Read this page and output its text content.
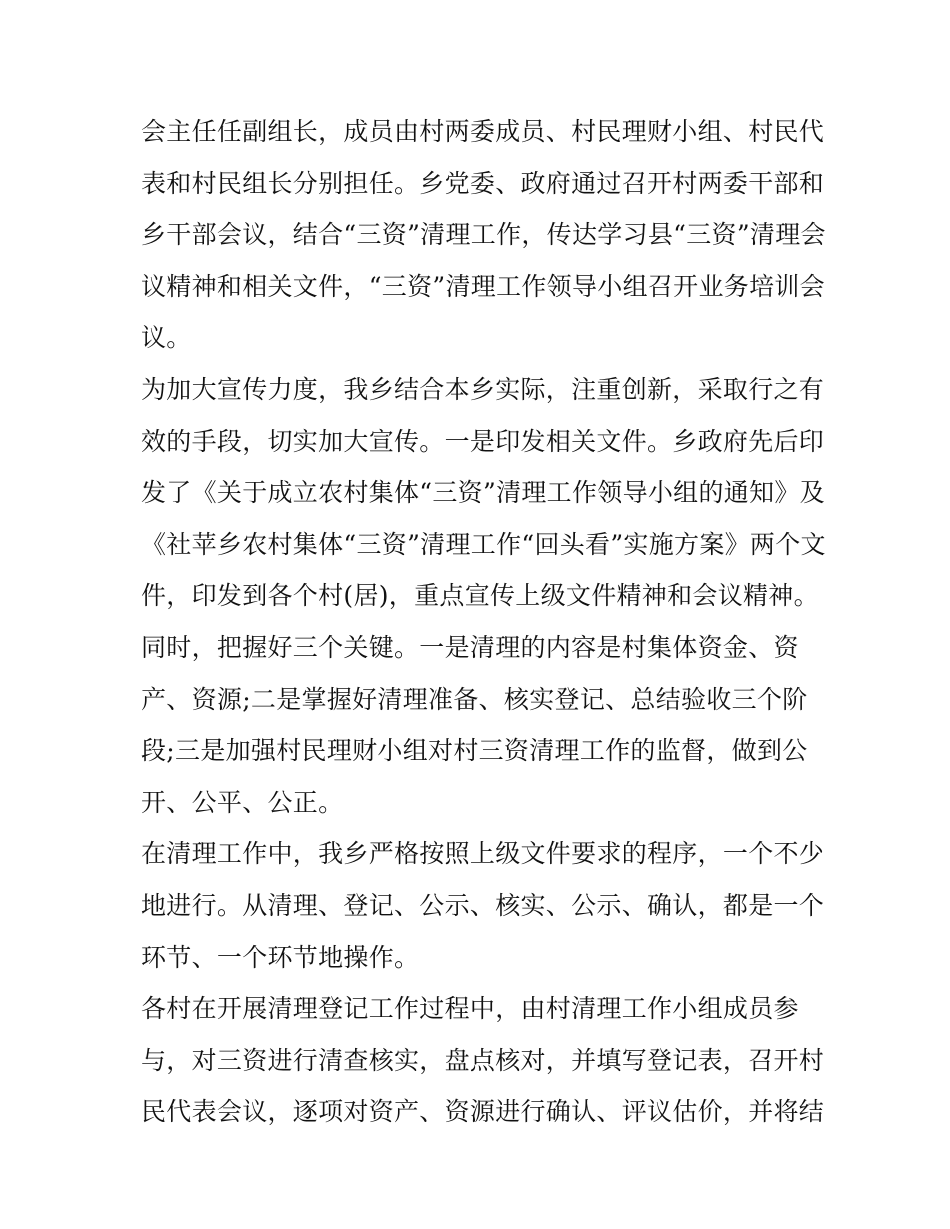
会主任任副组长，成员由村两委成员、村民理财小组、村民代
表和村民组长分别担任。乡党委、政府通过召开村两委干部和
乡干部会议，结合“三资”清理工作，传达学习县“三资”清理会
议精神和相关文件，“三资”清理工作领导小组召开业务培训会
议。
为加大宣传力度，我乡结合本乡实际，注重创新，采取行之有
效的手段，切实加大宣传。一是印发相关文件。乡政府先后印
发了《关于成立农村集体“三资”清理工作领导小组的通知》及
《社苹乡农村集体“三资”清理工作“回头看”实施方案》两个文
件，印发到各个村(居)，重点宣传上级文件精神和会议精神。
同时，把握好三个关键。一是清理的内容是村集体资金、资
产、资源;二是掌握好清理准备、核实登记、总结验收三个阶
段;三是加强村民理财小组对村三资清理工作的监督，做到公
开、公平、公正。
在清理工作中，我乡严格按照上级文件要求的程序，一个不少
地进行。从清理、登记、公示、核实、公示、确认，都是一个
环节、一个环节地操作。
各村在开展清理登记工作过程中，由村清理工作小组成员参
与，对三资进行清查核实，盘点核对，并填写登记表，召开村
民代表会议，逐项对资产、资源进行确认、评议估价，并将结
